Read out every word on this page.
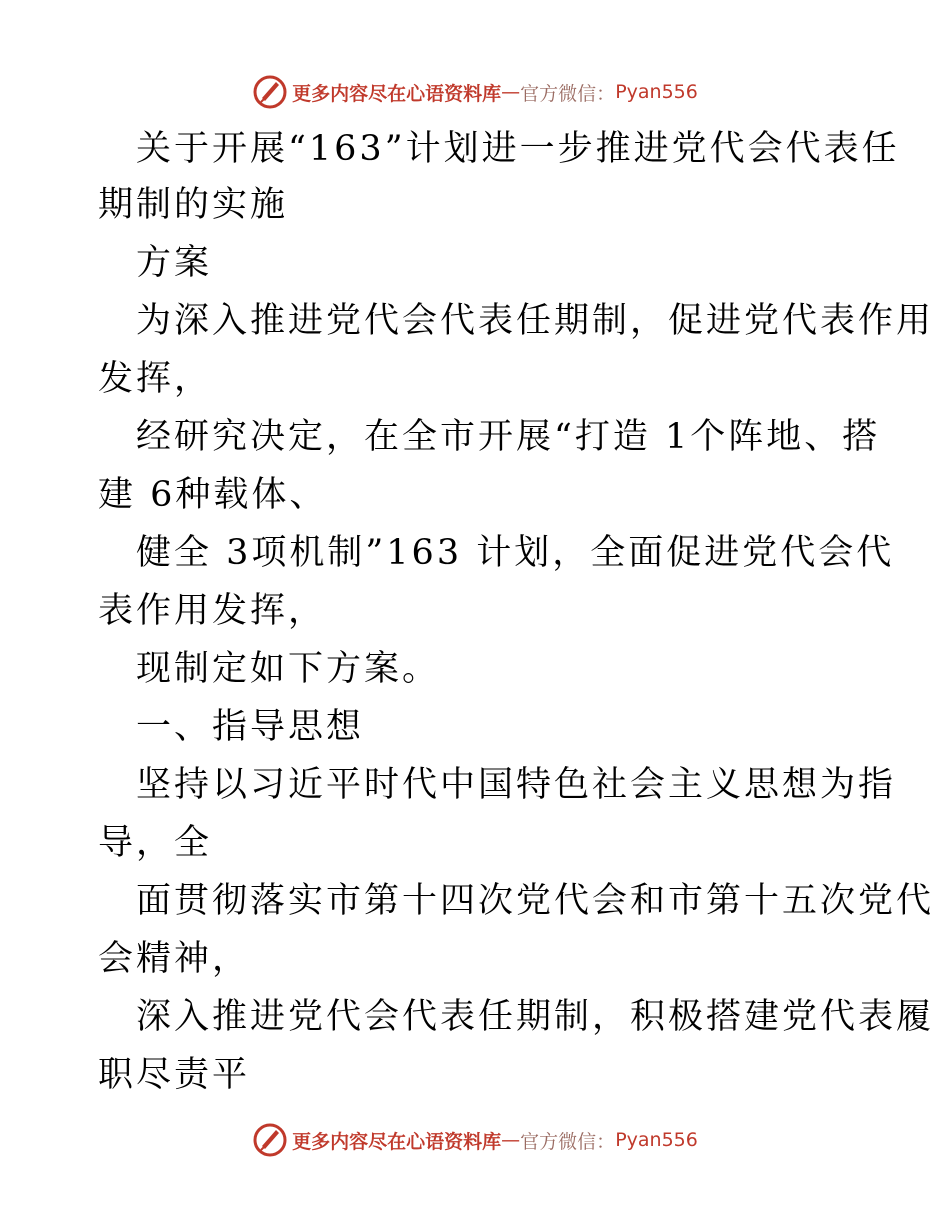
更多内容尽在心语资料库 — 官方微信： Pyan556
关于开展“163”计划进一步推进党代会代表任
期制的实施
方案
为深入推进党代会代表任期制，促进党代表作用
发挥，
经研究决定，在全市开展“打造 1个阵地、搭
建 6种载体、
健全 3项机制”163 计划，全面促进党代会代
表作用发挥，
现制定如下方案。
一、指导思想
坚持以习近平时代中国特色社会主义思想为指
导，全
面贯彻落实市第十四次党代会和市第十五次党代
会精神，
深入推进党代会代表任期制，积极搭建党代表履
职尽责平
更多内容尽在心语资料库 — 官方微信： Pyan556
